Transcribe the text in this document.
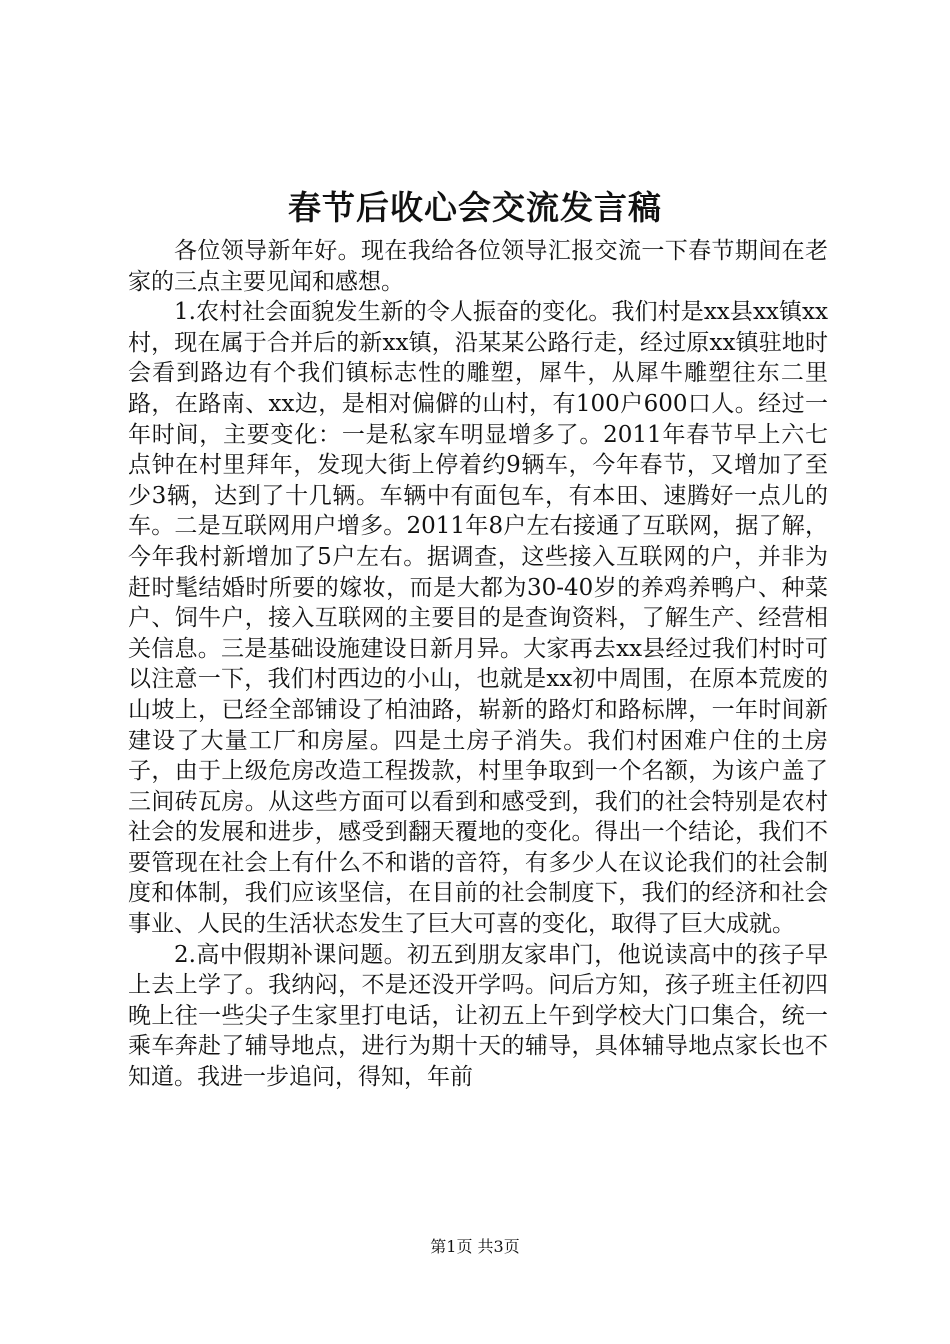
春节后收心会交流发言稿

各位领导新年好。现在我给各位领导汇报交流一下春节期间在老家的三点主要见闻和感想。

1.农村社会面貌发生新的令人振奋的变化。我们村是xx县xx镇xx村，现在属于合并后的新xx镇，沿某某公路行走，经过原xx镇驻地时会看到路边有个我们镇标志性的雕塑，犀牛，从犀牛雕塑往东二里路，在路南、xx边，是相对偏僻的山村，有100户600口人。经过一年时间，主要变化：一是私家车明显增多了。2011年春节早上六七点钟在村里拜年，发现大街上停着约9辆车，今年春节，又增加了至少3辆，达到了十几辆。车辆中有面包车，有本田、速腾好一点儿的车。二是互联网用户增多。2011年8户左右接通了互联网，据了解，今年我村新增加了5户左右。据调查，这些接入互联网的户，并非为赶时髦结婚时所要的嫁妆，而是大都为30-40岁的养鸡养鸭户、种菜户、饲牛户，接入互联网的主要目的是查询资料，了解生产、经营相关信息。三是基础设施建设日新月异。大家再去xx县经过我们村时可以注意一下，我们村西边的小山，也就是xx初中周围，在原本荒废的山坡上，已经全部铺设了柏油路，崭新的路灯和路标牌，一年时间新建设了大量工厂和房屋。四是土房子消失。我们村困难户住的土房子，由于上级危房改造工程拨款，村里争取到一个名额，为该户盖了三间砖瓦房。从这些方面可以看到和感受到，我们的社会特别是农村社会的发展和进步，感受到翻天覆地的变化。得出一个结论，我们不要管现在社会上有什么不和谐的音符，有多少人在议论我们的社会制度和体制，我们应该坚信，在目前的社会制度下，我们的经济和社会事业、人民的生活状态发生了巨大可喜的变化，取得了巨大成就。

2.高中假期补课问题。初五到朋友家串门，他说读高中的孩子早上去上学了。我纳闷，不是还没开学吗。问后方知，孩子班主任初四晚上往一些尖子生家里打电话，让初五上午到学校大门口集合，统一乘车奔赴了辅导地点，进行为期十天的辅导，具体辅导地点家长也不知道。我进一步追问，得知，年前

第1页 共3页
